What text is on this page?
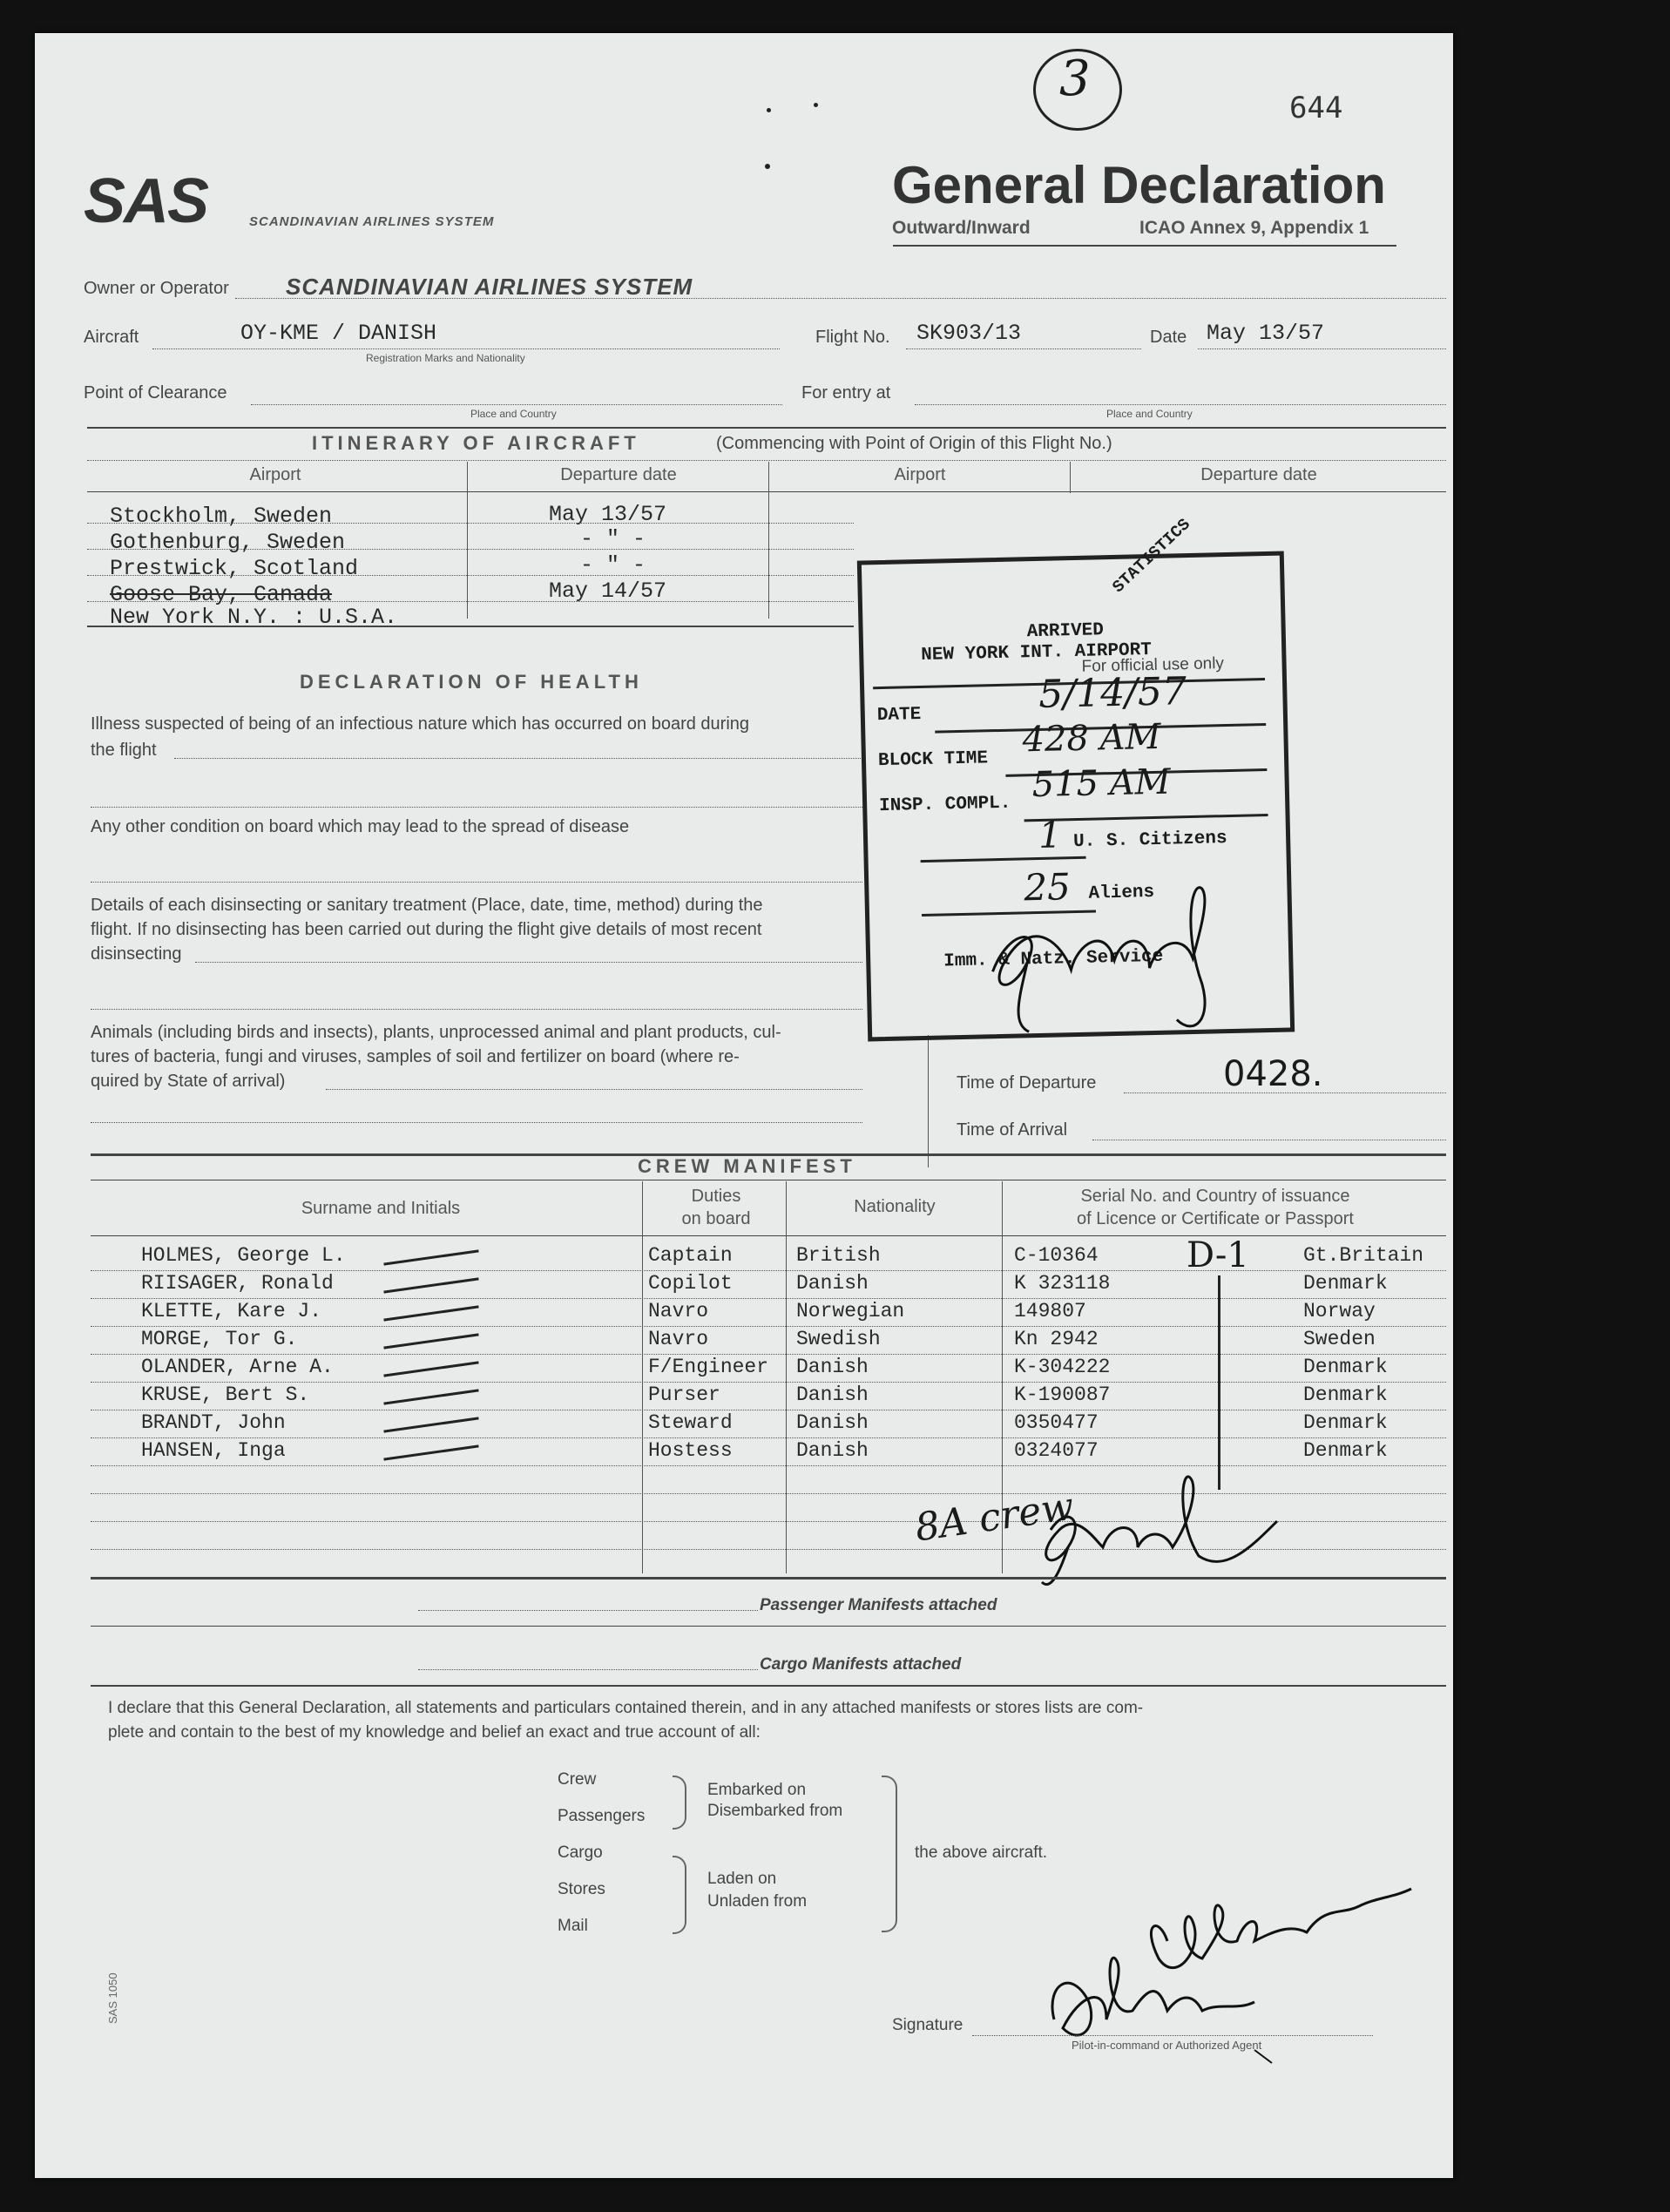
3
644
SAS	SCANDINAVIAN AIRLINES SYSTEM
General Declaration
Outward/Inward	ICAO Annex 9, Appendix 1
Owner or Operator	SCANDINAVIAN AIRLINES SYSTEM
Aircraft	OY-KME / DANISH
Registration Marks and Nationality
Flight No. SK903/13	Date May 13/57
Point of Clearance
Place and Country
For entry at
Place and Country
ITINERARY OF AIRCRAFT	(Commencing with Point of Origin of this Flight No.)
Airport	Departure date	Airport	Departure date
Stockholm, Sweden	May 13/57
Gothenburg, Sweden	- " -
Prestwick, Scotland	- " -
Goose Bay, Canada	May 14/57
New York N.Y. : U.S.A.
DECLARATION OF HEALTH
Illness suspected of being of an infectious nature which has occurred on board during
the flight
Any other condition on board which may lead to the spread of disease
Details of each disinsecting or sanitary treatment (Place, date, time, method) during the
flight. If no disinsecting has been carried out during the flight give details of most recent
disinsecting
Animals (including birds and insects), plants, unprocessed animal and plant products, cul-
tures of bacteria, fungi and viruses, samples of soil and fertilizer on board (where re-
quired by State of arrival)	Time of Departure	0428.
Time of Arrival
STATISTICS
ARRIVED
NEW YORK INT. AIRPORT
For official use only
DATE	5/14/57
BLOCK TIME 428 AM
INSP. COMPL. 515 AM
1 U. S. Citizens
25 Aliens
Imm. & Natz. Service
CREW MANIFEST
Surname and Initials
Duties
on board
Nationality
Serial No. and Country of issuance
of Licence or Certificate or Passport
HOLMES, George L.	Captain	British	C-10364	Gt.Britain
RIISAGER, Ronald	Copilot	Danish	K 323118	Denmark
KLETTE, Kare J.	Navro	Norwegian	149807	Norway
MORGE, Tor G.	Navro	Swedish	Kn 2942	Sweden
OLANDER, Arne A.	F/Engineer Danish	K-304222	Denmark
KRUSE, Bert S.	Purser	Danish	K-190087	Denmark
BRANDT, John	Steward	Danish	0350477	Denmark
HANSEN, Inga	Hostess	Danish	0324077	Denmark
D-1
8A crew
Passenger Manifests attached
Cargo Manifests attached
I declare that this General Declaration, all statements and particulars contained therein, and in any attached manifests or stores lists are com-
plete and contain to the best of my knowledge and belief an exact and true account of all:
Crew
Passengers
Cargo
Stores
Mail
Embarked on
Disembarked from
Laden on
Unladen from
the above aircraft.
Signature
Pilot-in-command or Authorized Agent
SAS 1050
